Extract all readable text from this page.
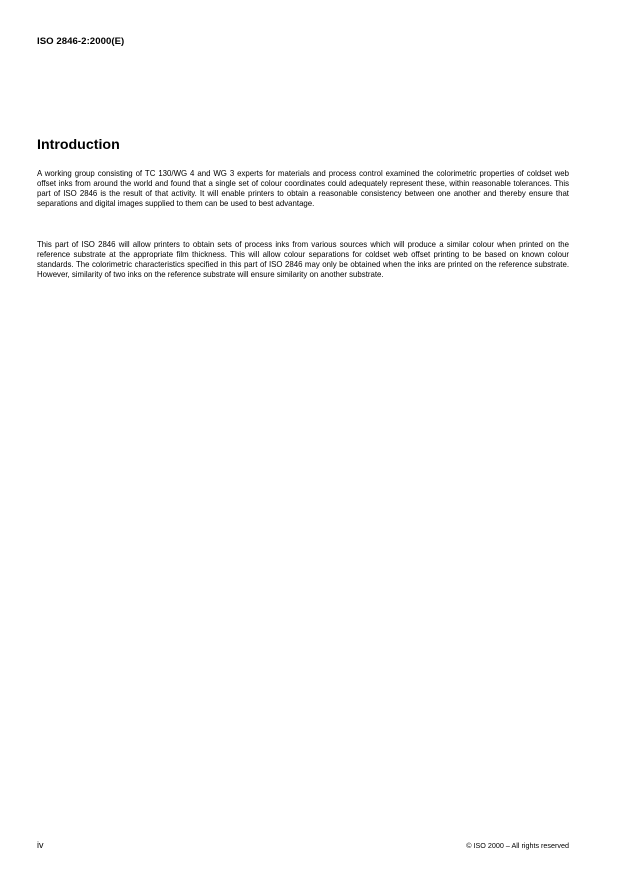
ISO 2846-2:2000(E)
Introduction

A working group consisting of TC 130/WG 4 and WG 3 experts for materials and process control examined the colorimetric properties of coldset web offset inks from around the world and found that a single set of colour coordinates could adequately represent these, within reasonable tolerances. This part of ISO 2846 is the result of that activity. It will enable printers to obtain a reasonable consistency between one another and thereby ensure that separations and digital images supplied to them can be used to best advantage.

This part of ISO 2846 will allow printers to obtain sets of process inks from various sources which will produce a similar colour when printed on the reference substrate at the appropriate film thickness. This will allow colour separations for coldset web offset printing to be based on known colour standards. The colorimetric characteristics specified in this part of ISO 2846 may only be obtained when the inks are printed on the reference substrate. However, similarity of two inks on the reference substrate will ensure similarity on another substrate.

iv	© ISO 2000 – All rights reserved
